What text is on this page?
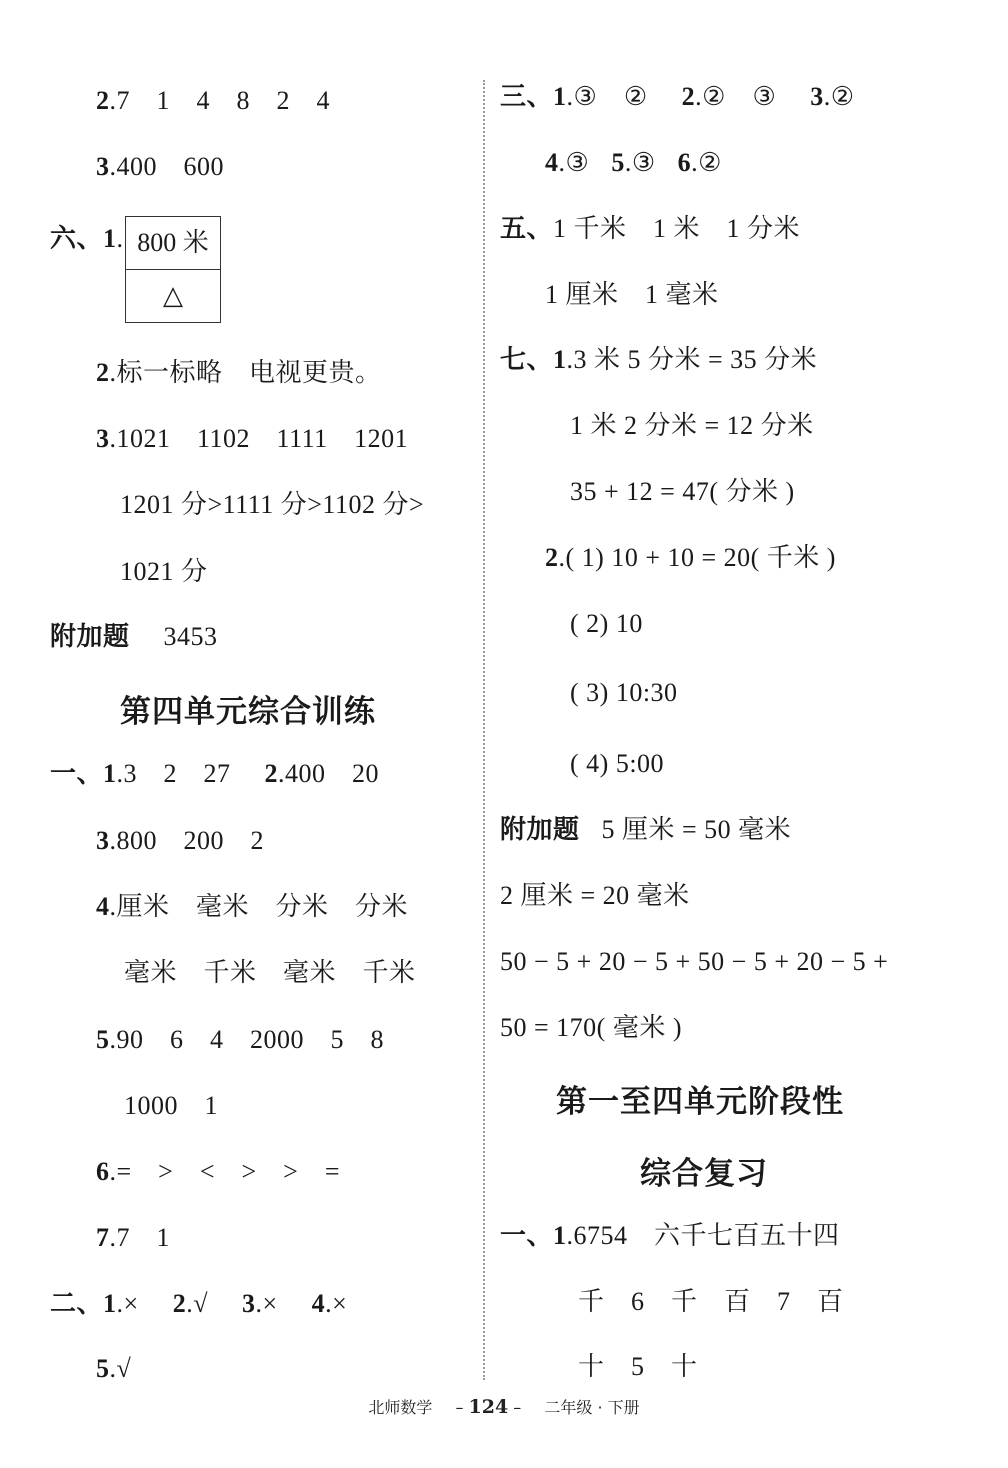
2.7　1　4　8　2　4
3.400　600
六、1. 800 米
△
2.标一标略　电视更贵。
3.1021　1102　1111　1201
1201 分>1111 分>1102 分>
1021 分
附加题 3453
第四单元综合训练
一、1.3　2　27 2.400　20
3.800　200　2
4.厘米　毫米　分米　分米
毫米　千米　毫米　千米
5.90　6　4　2000　5　8
1000　1
6.=　>　<　>　>　=
7.7　1
二、1.× 2.√ 3.× 4.×
5.√
三、1.③　② 2.②　③ 3.②
4.③ 5.③ 6.②
五、1 千米　1 米　1 分米
1 厘米　1 毫米
七、1.3 米 5 分米 = 35 分米
1 米 2 分米 = 12 分米
35 + 12 = 47( 分米 )
2.( 1) 10 + 10 = 20( 千米 )
( 2) 10
( 3) 10:30
( 4) 5:00
附加题 5 厘米 = 50 毫米
2 厘米 = 20 毫米
50 − 5 + 20 − 5 + 50 − 5 + 20 − 5 +
50 = 170( 毫米 )
第一至四单元阶段性
综合复习
一、1.6754　六千七百五十四
千　6　千　百　7　百
十　5　十
北师数学 – 124 – 二年级 · 下册
